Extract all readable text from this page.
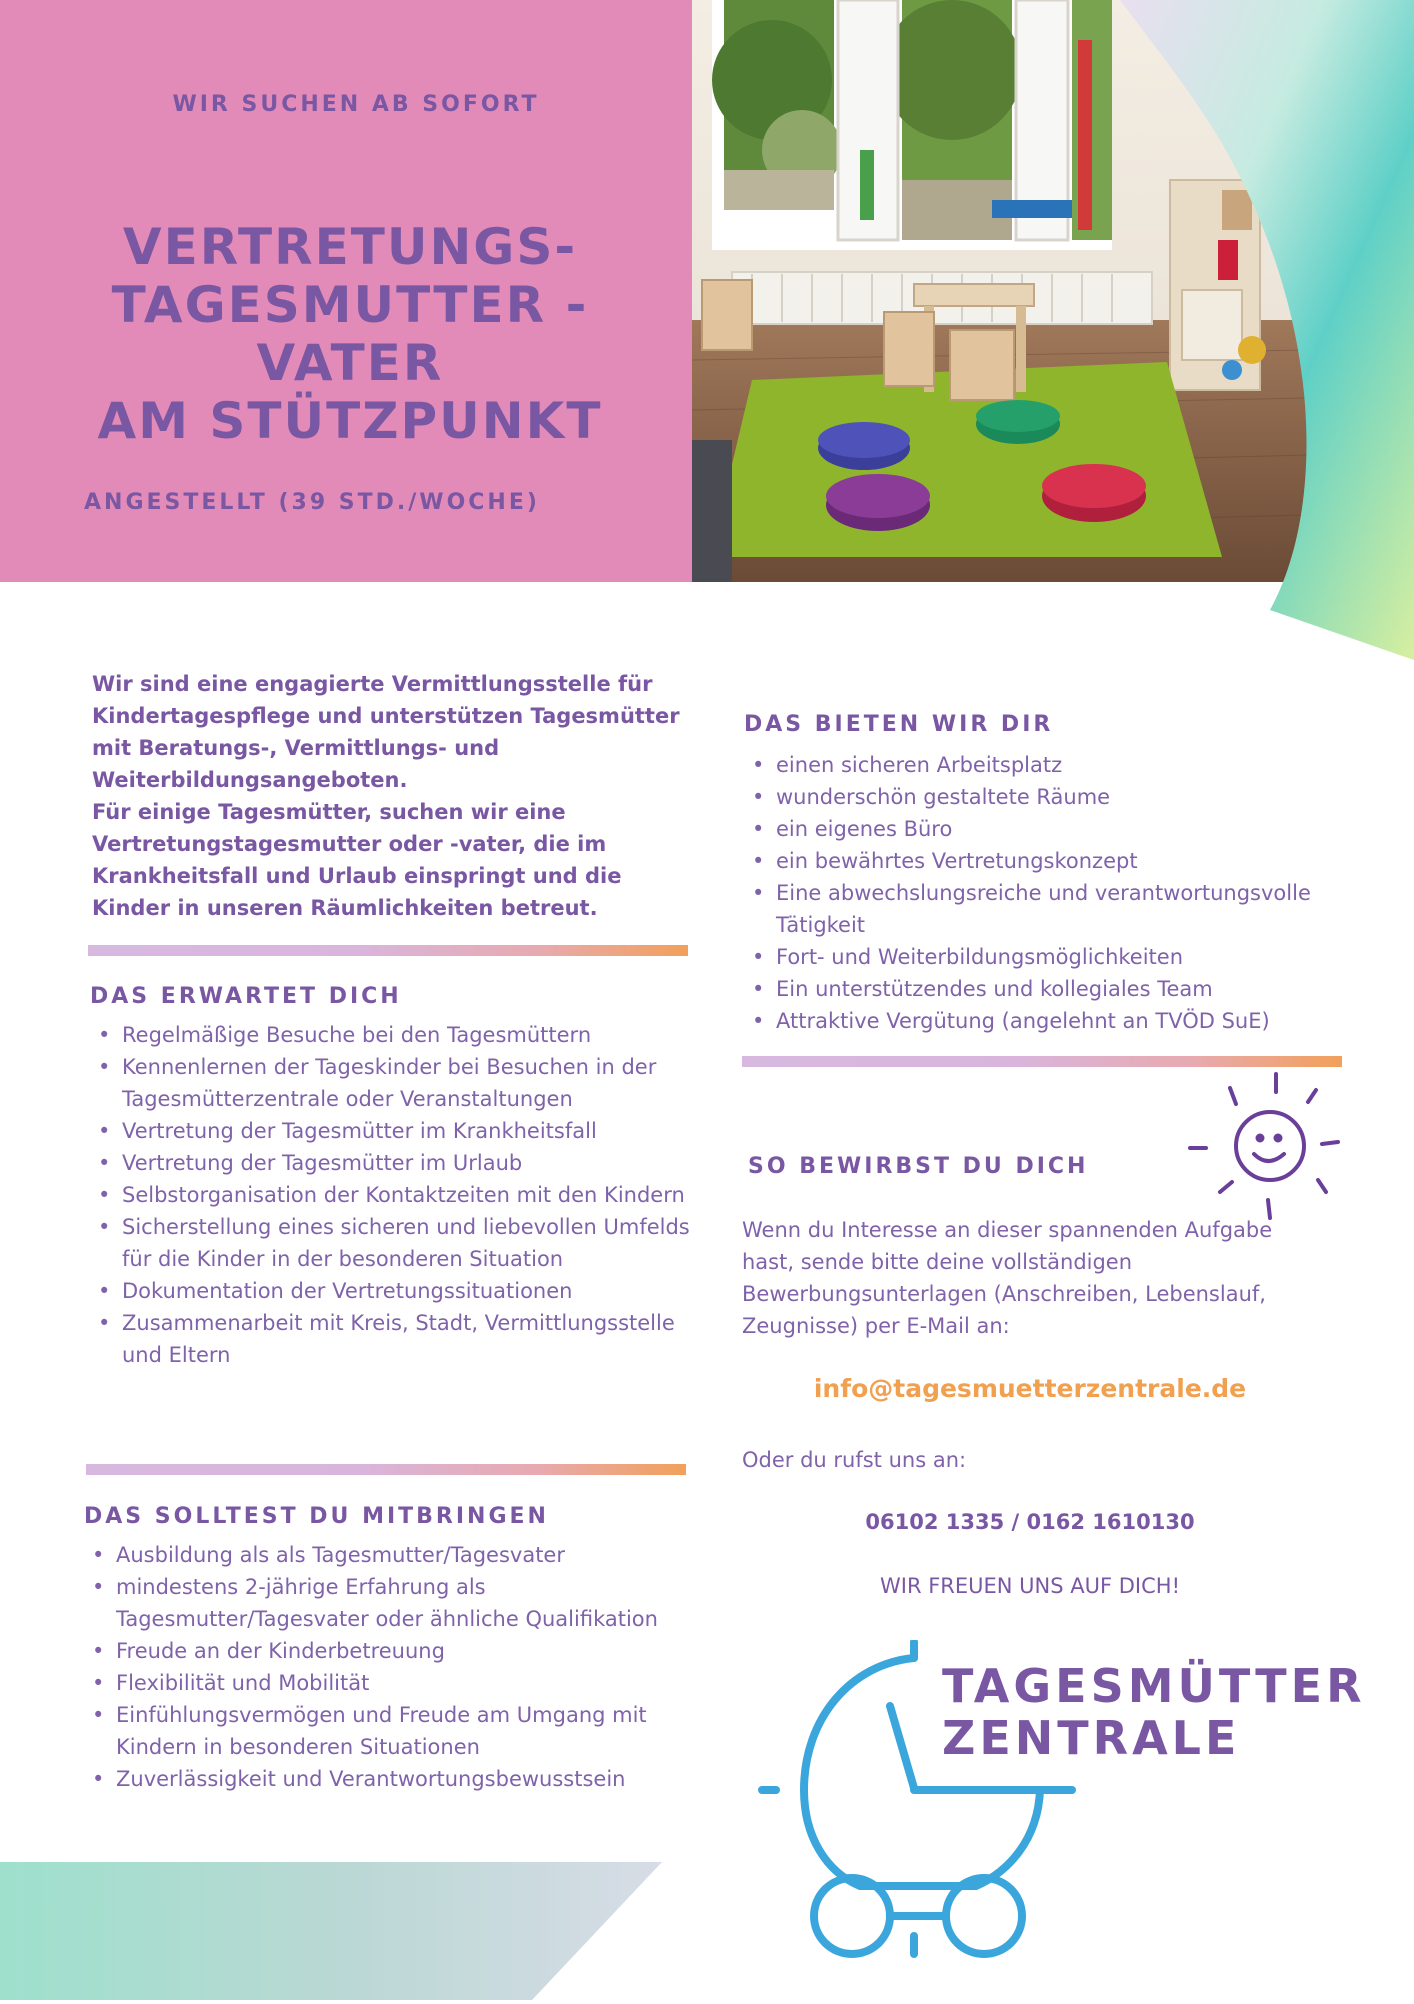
WIR SUCHEN AB SOFORT
VERTRETUNGS-
TAGESMUTTER -
VATER
AM STÜTZPUNKT
ANGESTELLT (39 STD./WOCHE)

Wir sind eine engagierte Vermittlungsstelle für Kindertagespflege und unterstützen Tagesmütter mit Beratungs-, Vermittlungs- und Weiterbildungsangeboten.

Für einige Tagesmütter, suchen wir eine Vertretungstagesmutter oder -vater, die im Krankheitsfall und Urlaub einspringt und die Kinder in unseren Räumlichkeiten betreut.

DAS ERWARTET DICH
• Regelmäßige Besuche bei den Tagesmüttern
• Kennenlernen der Tageskinder bei Besuchen in der Tagesmütterzentrale oder Veranstaltungen
• Vertretung der Tagesmütter im Krankheitsfall
• Vertretung der Tagesmütter im Urlaub
• Selbstorganisation der Kontaktzeiten mit den Kindern
• Sicherstellung eines sicheren und liebevollen Umfelds für die Kinder in der besonderen Situation
• Dokumentation der Vertretungssituationen
• Zusammenarbeit mit Kreis, Stadt, Vermittlungsstelle und Eltern
DAS SOLLTEST DU MITBRINGEN
• Ausbildung als als Tagesmutter/Tagesvater
• mindestens 2-jährige Erfahrung als Tagesmutter/Tagesvater oder ähnliche Qualifikation
• Freude an der Kinderbetreuung
• Flexibilität und Mobilität
• Einfühlungsvermögen und Freude am Umgang mit Kindern in besonderen Situationen
• Zuverlässigkeit und Verantwortungsbewusstsein
DAS BIETEN WIR DIR
• einen sicheren Arbeitsplatz
• wunderschön gestaltete Räume
• ein eigenes Büro
• ein bewährtes Vertretungskonzept
• Eine abwechslungsreiche und verantwortungsvolle Tätigkeit
• Fort- und Weiterbildungsmöglichkeiten
• Ein unterstützendes und kollegiales Team
• Attraktive Vergütung (angelehnt an TVÖD SuE)
SO BEWIRBST DU DICH
Wenn du Interesse an dieser spannenden Aufgabe hast, sende bitte deine vollständigen Bewerbungsunterlagen (Anschreiben, Lebenslauf, Zeugnisse) per E-Mail an:
info@tagesmuetterzentrale.de
Oder du rufst uns an:
06102 1335 / 0162 1610130
WIR FREUEN UNS AUF DICH!
TAGESMÜTTER
ZENTRALE
